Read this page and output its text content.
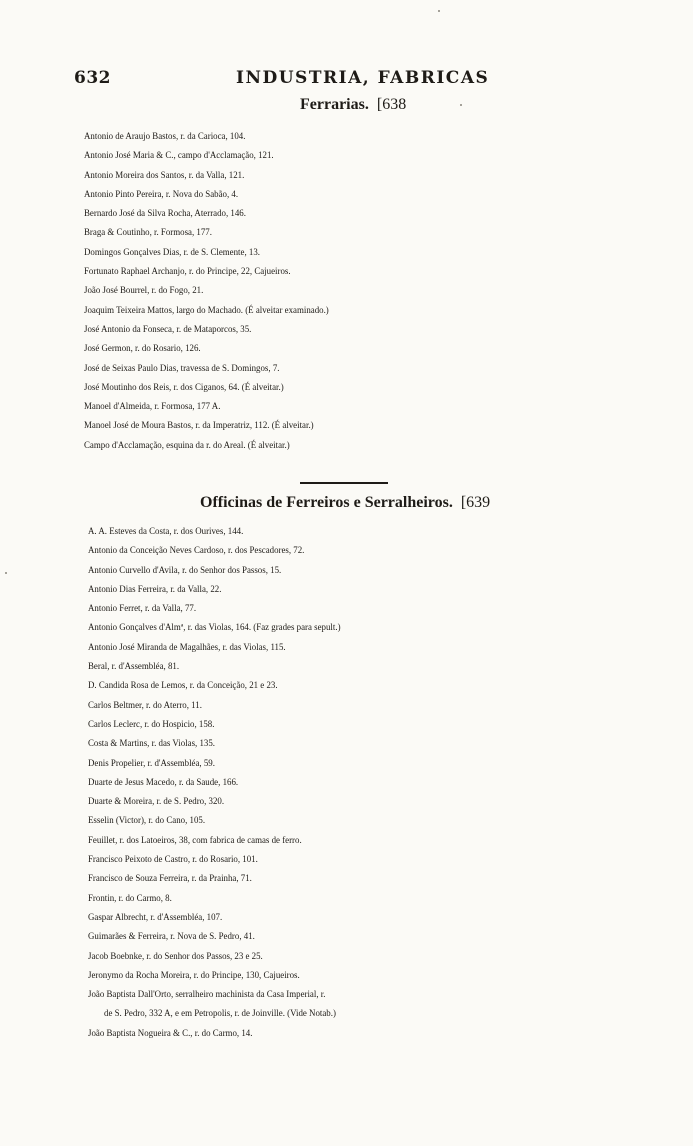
632	INDUSTRIA, FABRICAS
Ferrarias. [638
Antonio de Araujo Bastos, r. da Carioca, 104.
Antonio José Maria & C., campo d'Acclamação, 121.
Antonio Moreira dos Santos, r. da Valla, 121.
Antonio Pinto Pereira, r. Nova do Sabão, 4.
Bernardo José da Silva Rocha, Aterrado, 146.
Braga & Coutinho, r. Formosa, 177.
Domingos Gonçalves Dias, r. de S. Clemente, 13.
Fortunato Raphael Archanjo, r. do Principe, 22, Cajueiros.
João José Bourrel, r. do Fogo, 21.
Joaquim Teixeira Mattos, largo do Machado. (É alveitar examinado.)
José Antonio da Fonseca, r. de Mataporcos, 35.
José Germon, r. do Rosario, 126.
José de Seixas Paulo Dias, travessa de S. Domingos, 7.
José Moutinho dos Reis, r. dos Ciganos, 64. (É alveitar.)
Manoel d'Almeida, r. Formosa, 177 A.
Manoel José de Moura Bastos, r. da Imperatriz, 112. (É alveitar.)
Campo d'Acclamação, esquina da r. do Areal. (É alveitar.)
Officinas de Ferreiros e Serralheiros. [639
A. A. Esteves da Costa, r. dos Ourives, 144.
Antonio da Conceição Neves Cardoso, r. dos Pescadores, 72.
Antonio Curvello d'Avila, r. do Senhor dos Passos, 15.
Antonio Dias Ferreira, r. da Valla, 22.
Antonio Ferret, r. da Valla, 77.
Antonio Gonçalves d'Almª, r. das Violas, 164. (Faz grades para sepult.)
Antonio José Miranda de Magalhães, r. das Violas, 115.
Beral, r. d'Assembléa, 81.
D. Candida Rosa de Lemos, r. da Conceição, 21 e 23.
Carlos Beltmer, r. do Aterro, 11.
Carlos Leclerc, r. do Hospicio, 158.
Costa & Martins, r. das Violas, 135.
Denis Propelier, r. d'Assembléa, 59.
Duarte de Jesus Macedo, r. da Saude, 166.
Duarte & Moreira, r. de S. Pedro, 320.
Esselin (Victor), r. do Cano, 105.
Feuillet, r. dos Latoeiros, 38, com fabrica de camas de ferro.
Francisco Peixoto de Castro, r. do Rosario, 101.
Francisco de Souza Ferreira, r. da Prainha, 71.
Frontin, r. do Carmo, 8.
Gaspar Albrecht, r. d'Assembléa, 107.
Guimarães & Ferreira, r. Nova de S. Pedro, 41.
Jacob Boebnke, r. do Senhor dos Passos, 23 e 25.
Jeronymo da Rocha Moreira, r. do Principe, 130, Cajueiros.
João Baptista Dall'Orto, serralheiro machinista da Casa Imperial, r.
de S. Pedro, 332 A, e em Petropolis, r. de Joinville. (Vide Notab.)
João Baptista Nogueira & C., r. do Carmo, 14.
